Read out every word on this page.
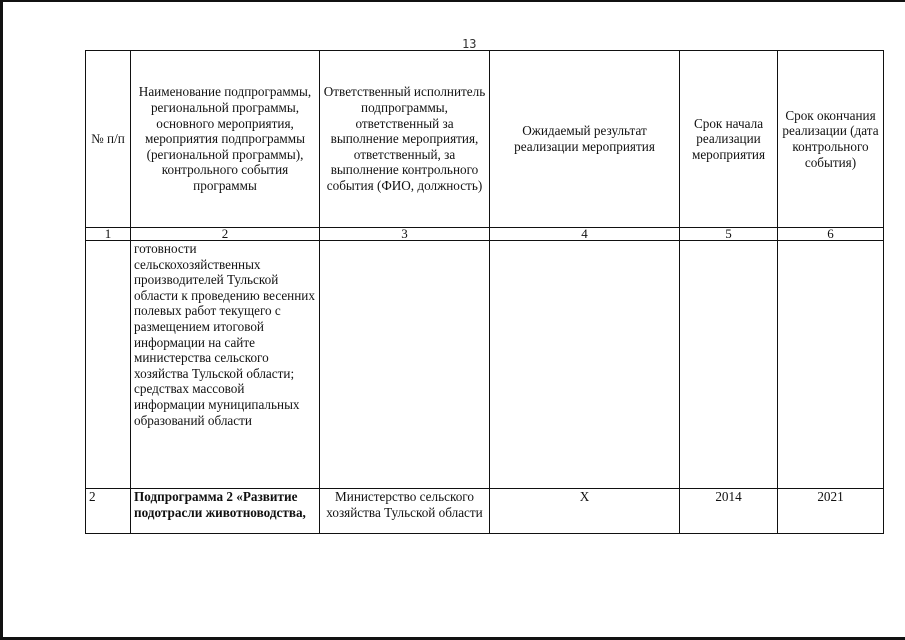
13
№ п/п	Наименование подпрограммы, региональной программы, основного мероприятия, мероприятия подпрограммы (региональной программы), контрольного события программы	Ответственный исполнитель подпрограммы, ответственный за выполнение мероприятия, ответственный, за выполнение контрольного события (ФИО, должность)	Ожидаемый результат реализации мероприятия	Срок начала реализации мероприятия	Срок окончания реализации (дата контрольного события)
1	2	3	4	5	6
	готовности сельскохозяйственных производителей Тульской области к проведению весенних полевых работ текущего с размещением итоговой информации на сайте министерства сельского хозяйства Тульской области; средствах массовой информации муниципальных образований области				
2	Подпрограмма 2 «Развитие подотрасли животноводства,	Министерство сельского хозяйства Тульской области	Х	2014	2021
